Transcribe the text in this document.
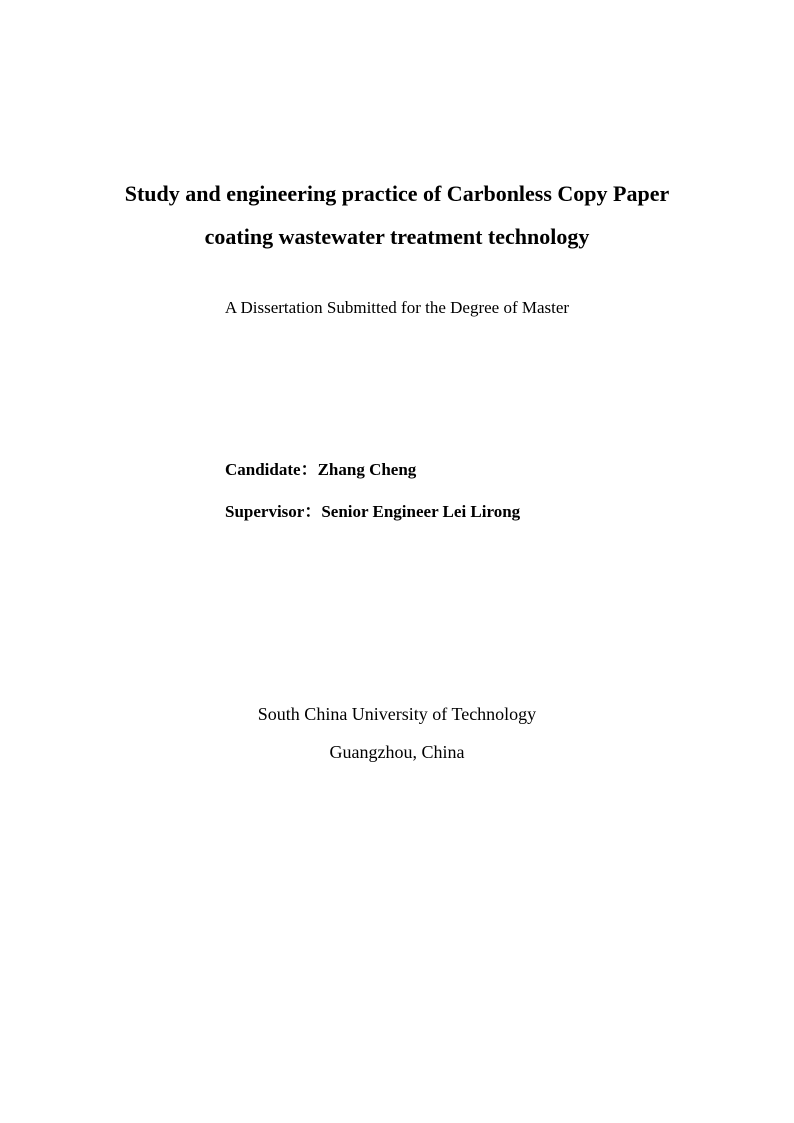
Study and engineering practice of Carbonless Copy Paper
coating wastewater treatment technology
A Dissertation Submitted for the Degree of Master
Candidate：Zhang Cheng
Supervisor：Senior Engineer Lei Lirong
South China University of Technology
Guangzhou, China
